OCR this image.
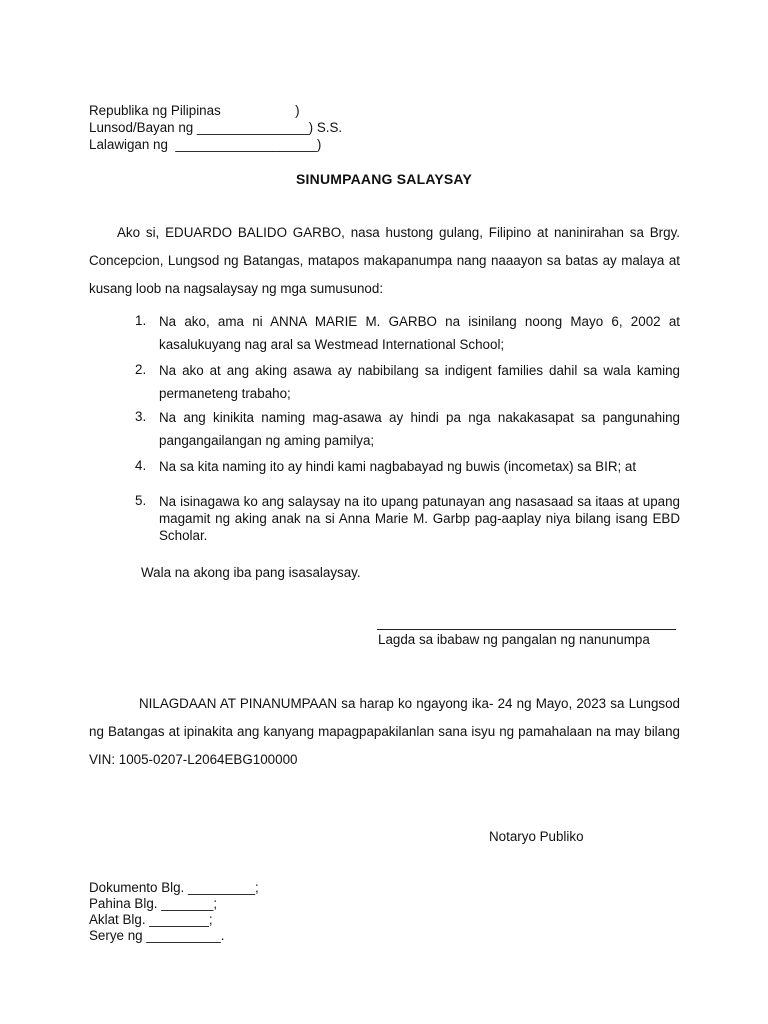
Republika ng Pilipinas                    )
Lunsod/Bayan ng _______________) S.S.
Lalawigan ng  ___________________)
SINUMPAANG SALAYSAY
Ako si, EDUARDO BALIDO GARBO, nasa hustong gulang, Filipino at naninirahan sa Brgy. Concepcion, Lungsod ng Batangas, matapos makapanumpa nang naaayon sa batas ay malaya at kusang loob na nagsalaysay ng mga sumusunod:
1. Na ako, ama ni ANNA MARIE M. GARBO na isinilang noong Mayo 6, 2002 at kasalukuyang nag aral sa Westmead International School;
2. Na ako at ang aking asawa ay nabibilang sa indigent families dahil sa wala kaming permaneteng trabaho;
3. Na ang kinikita naming mag-asawa ay hindi pa nga nakakasapat sa pangunahing pangangailangan ng aming pamilya;
4. Na sa kita naming ito ay hindi kami nagbabayad ng buwis (incometax) sa BIR; at
5. Na isinagawa ko ang salaysay na ito upang patunayan ang nasasaad sa itaas at upang magamit ng aking anak na si Anna Marie M. Garbp pag-aaplay niya bilang isang EBD Scholar.
Wala na akong iba pang isasalaysay.
Lagda sa ibabaw ng pangalan ng nanunumpa
NILAGDAAN AT PINANUMPAAN sa harap ko ngayong ika- 24 ng Mayo, 2023 sa Lungsod ng Batangas at ipinakita ang kanyang mapagpapakilanlan sana isyu ng pamahalaan na may bilang VIN: 1005-0207-L2064EBG100000
Notaryo Publiko
Dokumento Blg. _________;
Pahina Blg. _______;
Aklat Blg. ________;
Serye ng __________.
